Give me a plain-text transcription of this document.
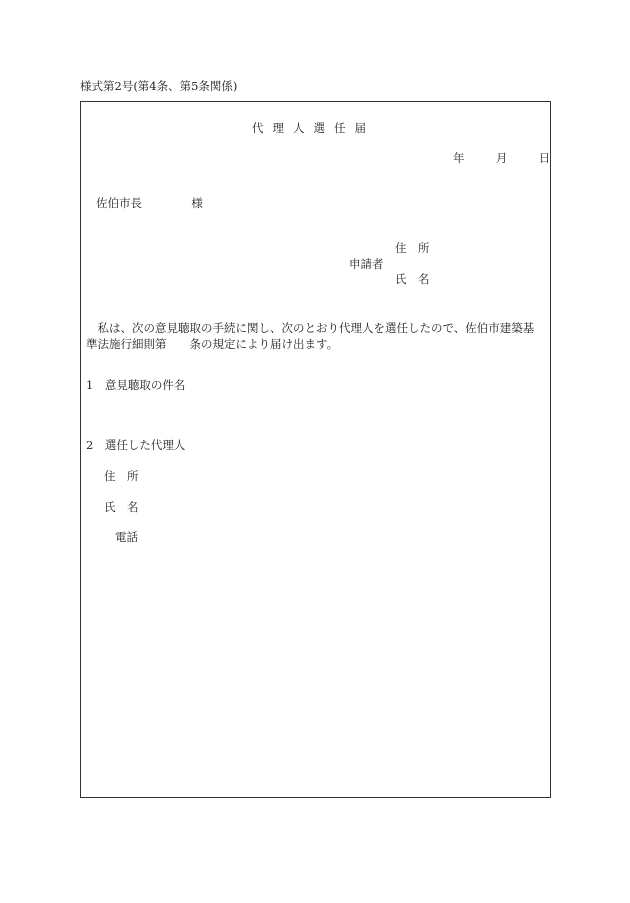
様式第2号(第4条、第5条関係)
代理人選任届
年	月	日
佐伯市長	様
住　所
申請者
氏　名
　私は、次の意見聴取の手続に関し、次のとおり代理人を選任したので、佐伯市建築基
準法施行細則第　　条の規定により届け出ます。
1　意見聴取の件名
2　選任した代理人
住　所
氏　名
電話
